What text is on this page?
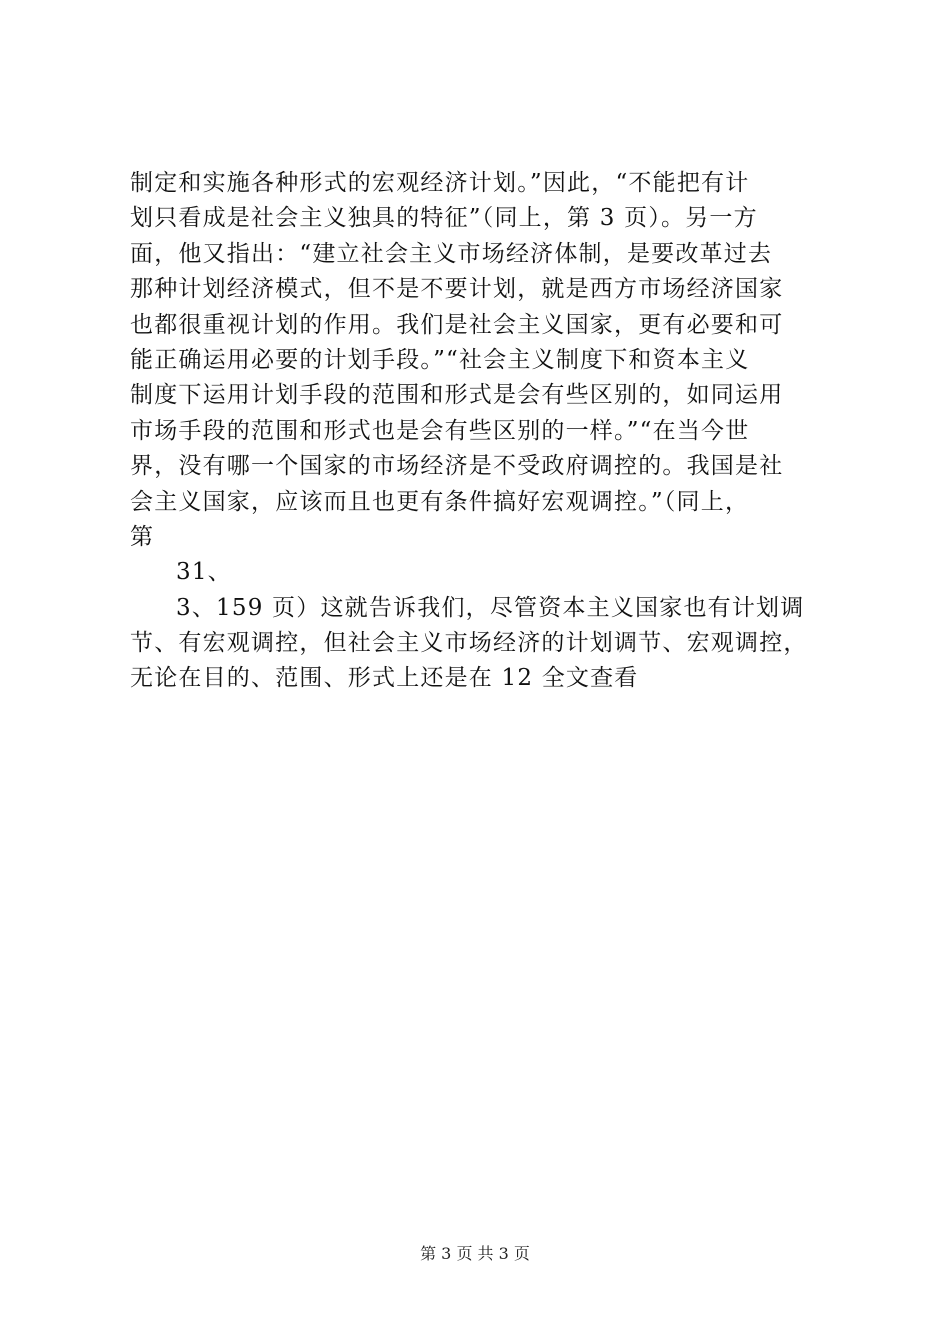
制定和实施各种形式的宏观经济计划。”因此，“不能把有计
划只看成是社会主义独具的特征”（同上，第 3 页）。另一方
面，他又指出：“建立社会主义市场经济体制，是要改革过去
那种计划经济模式，但不是不要计划，就是西方市场经济国家
也都很重视计划的作用。我们是社会主义国家，更有必要和可
能正确运用必要的计划手段。”“社会主义制度下和资本主义
制度下运用计划手段的范围和形式是会有些区别的，如同运用
市场手段的范围和形式也是会有些区别的一样。”“在当今世
界，没有哪一个国家的市场经济是不受政府调控的。我国是社
会主义国家，应该而且也更有条件搞好宏观调控。”（同上，
第
31、
3、159 页）这就告诉我们，尽管资本主义国家也有计划调
节、有宏观调控，但社会主义市场经济的计划调节、宏观调控，
无论在目的、范围、形式上还是在 12 全文查看
第 3 页 共 3 页
